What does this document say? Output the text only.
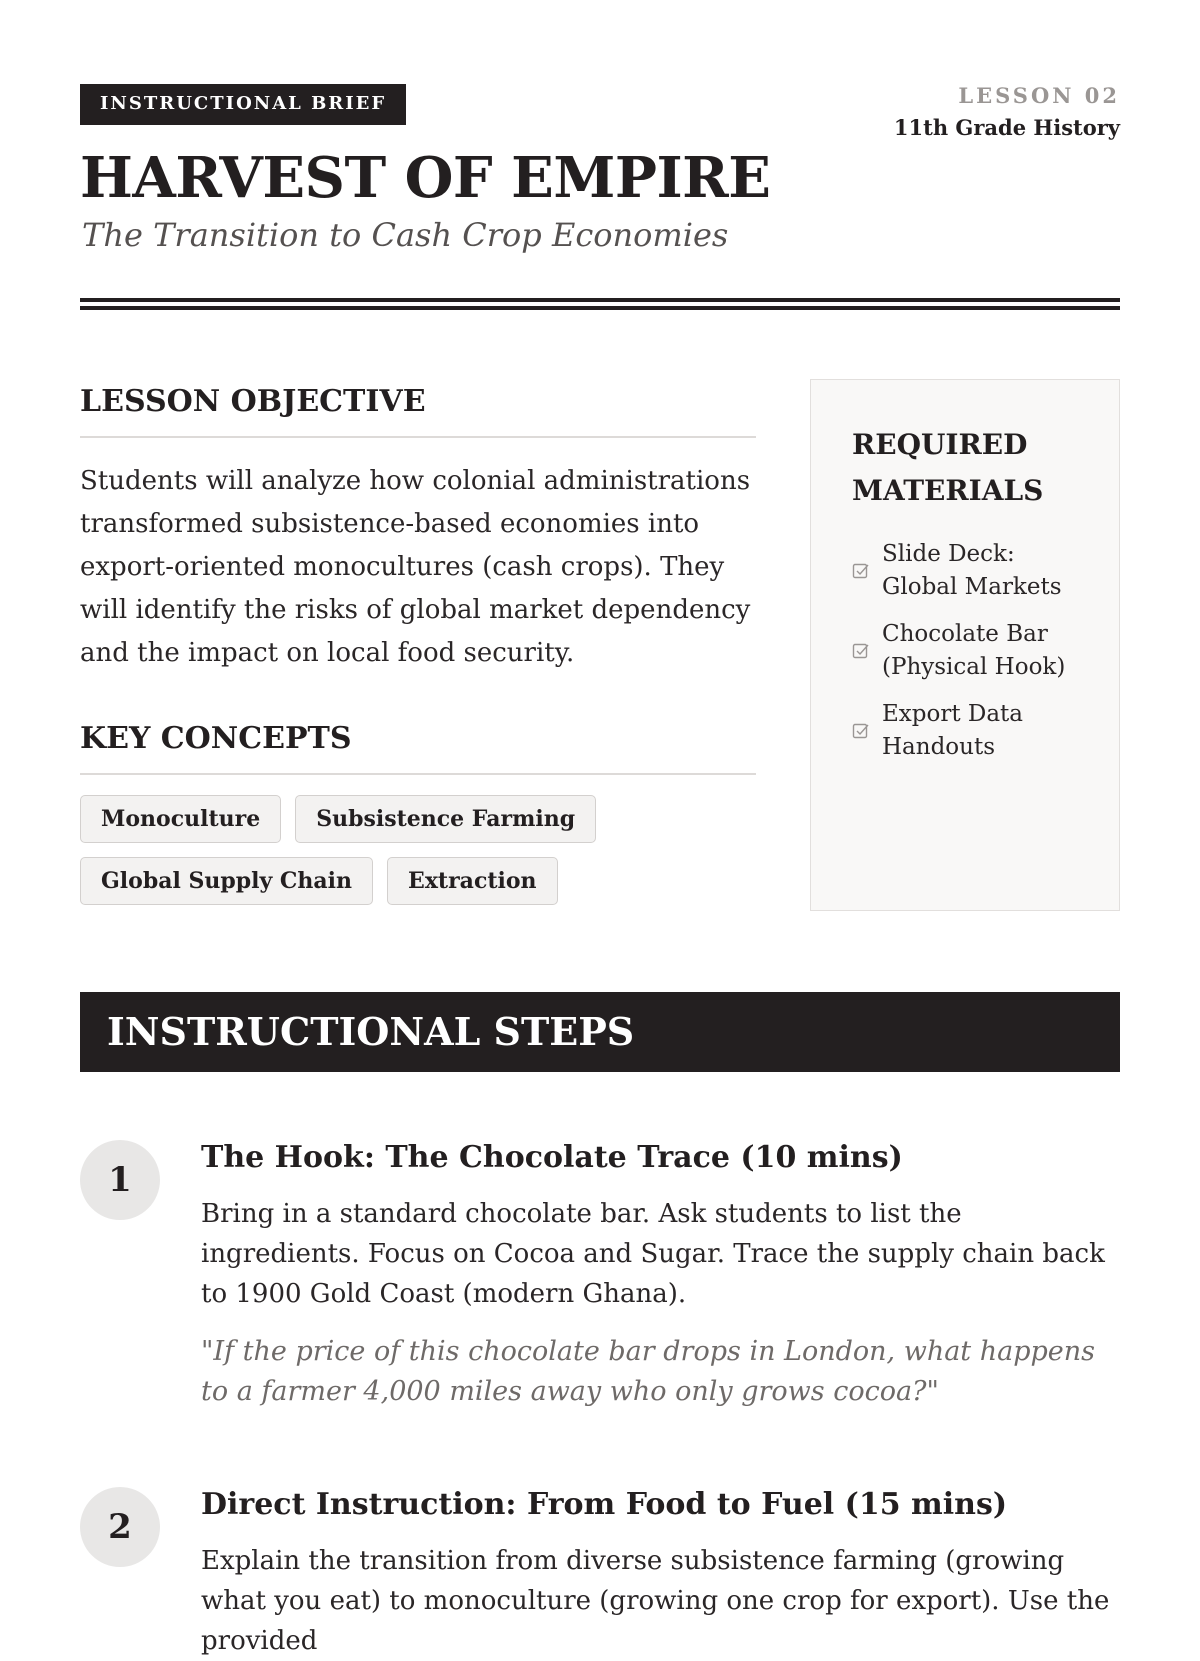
INSTRUCTIONAL BRIEF
HARVEST OF EMPIRE
The Transition to Cash Crop Economies
LESSON 02
11th Grade History
LESSON OBJECTIVE

Students will analyze how colonial administrations transformed subsistence-based economies into export-oriented monocultures (cash crops). They will identify the risks of global market dependency and the impact on local food security.

KEY CONCEPTS
Monoculture	Subsistence Farming
Global Supply Chain	Extraction
REQUIRED MATERIALS
Slide Deck: Global Markets
Chocolate Bar (Physical Hook)
Export Data Handouts
INSTRUCTIONAL STEPS
1
The Hook: The Chocolate Trace (10 mins)

Bring in a standard chocolate bar. Ask students to list the ingredients. Focus on Cocoa and Sugar. Trace the supply chain back to 1900 Gold Coast (modern Ghana).

"If the price of this chocolate bar drops in London, what happens to a farmer 4,000 miles away who only grows cocoa?"

2
Direct Instruction: From Food to Fuel (15 mins)

Explain the transition from diverse subsistence farming (growing what you eat) to monoculture (growing one crop for export). Use the provided
